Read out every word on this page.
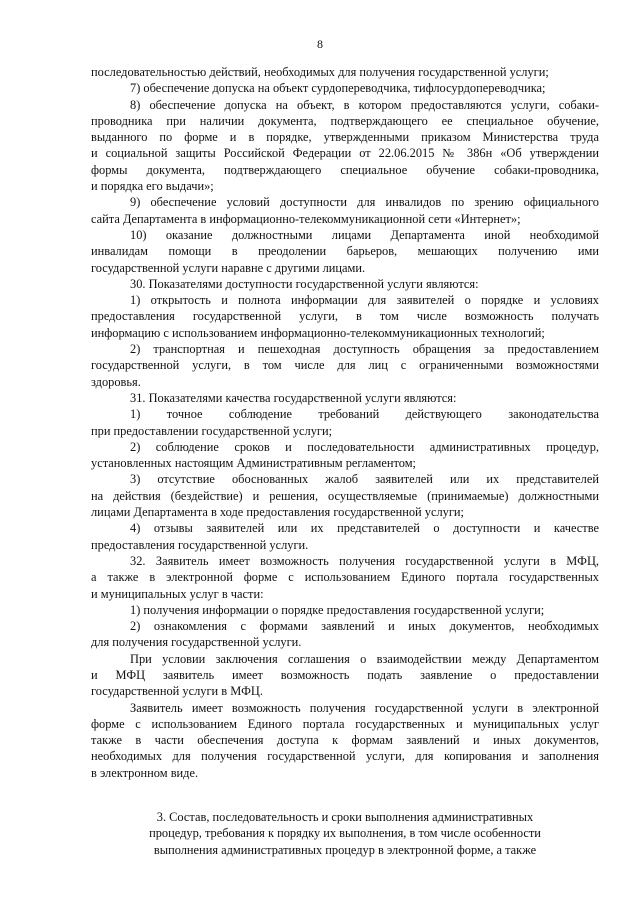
8
последовательностью действий, необходимых для получения государственной услуги;
7) обеспечение допуска на объект сурдопереводчика, тифлосурдопереводчика;
8) обеспечение допуска на объект, в котором предоставляются услуги, собаки-
проводника при наличии документа, подтверждающего ее специальное обучение,
выданного по форме и в порядке, утвержденными приказом Министерства труда
и социальной защиты Российской Федерации от 22.06.2015 № 386н «Об утверждении
формы документа, подтверждающего специальное обучение собаки-проводника,
и порядка его выдачи»;
9) обеспечение условий доступности для инвалидов по зрению официального
сайта Департамента в информационно-телекоммуникационной сети «Интернет»;
10) оказание должностными лицами Департамента иной необходимой
инвалидам помощи в преодолении барьеров, мешающих получению ими
государственной услуги наравне с другими лицами.
30. Показателями доступности государственной услуги являются:
1) открытость и полнота информации для заявителей о порядке и условиях
предоставления государственной услуги, в том числе возможность получать
информацию с использованием информационно-телекоммуникационных технологий;
2) транспортная и пешеходная доступность обращения за предоставлением
государственной услуги, в том числе для лиц с ограниченными возможностями
здоровья.
31. Показателями качества государственной услуги являются:
1) точное соблюдение требований действующего законодательства
при предоставлении государственной услуги;
2) соблюдение сроков и последовательности административных процедур,
установленных настоящим Административным регламентом;
3) отсутствие обоснованных жалоб заявителей или их представителей
на действия (бездействие) и решения, осуществляемые (принимаемые) должностными
лицами Департамента в ходе предоставления государственной услуги;
4) отзывы заявителей или их представителей о доступности и качестве
предоставления государственной услуги.
32. Заявитель имеет возможность получения государственной услуги в МФЦ,
а также в электронной форме с использованием Единого портала государственных
и муниципальных услуг в части:
1) получения информации о порядке предоставления государственной услуги;
2) ознакомления с формами заявлений и иных документов, необходимых
для получения государственной услуги.
При условии заключения соглашения о взаимодействии между Департаментом
и МФЦ заявитель имеет возможность подать заявление о предоставлении
государственной услуги в МФЦ.
Заявитель имеет возможность получения государственной услуги в электронной
форме с использованием Единого портала государственных и муниципальных услуг
также в части обеспечения доступа к формам заявлений и иных документов,
необходимых для получения государственной услуги, для копирования и заполнения
в электронном виде.
3. Состав, последовательность и сроки выполнения административных
процедур, требования к порядку их выполнения, в том числе особенности
выполнения административных процедур в электронной форме, а также
